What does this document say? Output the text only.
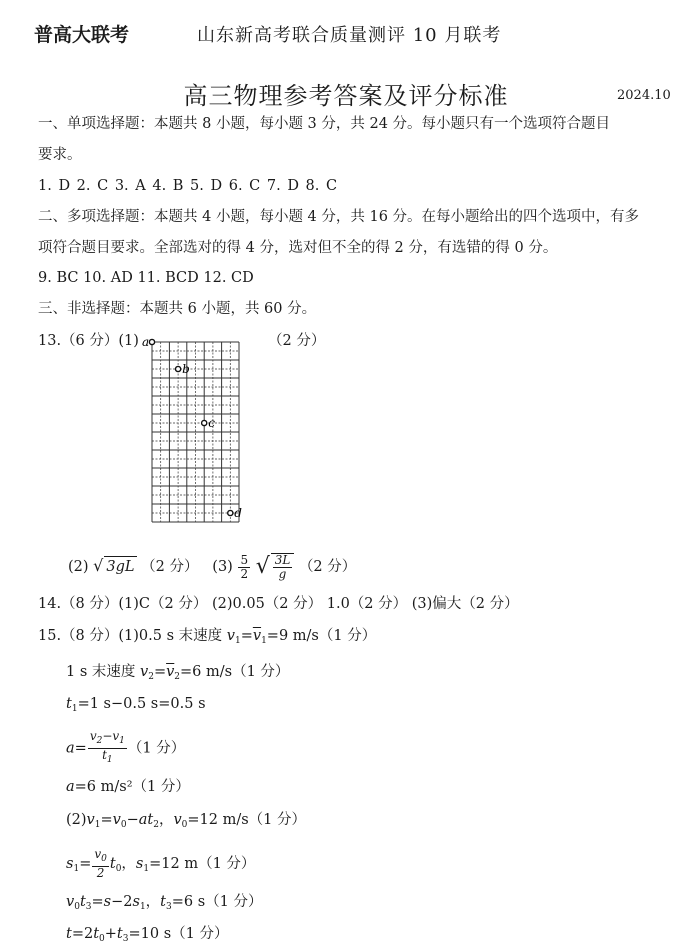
普高大联考	山东新高考联合质量测评 10 月联考
高三物理参考答案及评分标准	2024.10
一、单项选择题：本题共 8 小题，每小题 3 分，共 24 分。每小题只有一个选项符合题目
要求。
1. D 2. C 3. A 4. B 5. D 6. C 7. D 8. C
二、多项选择题：本题共 4 小题，每小题 4 分，共 16 分。在每小题给出的四个选项中，有多
项符合题目要求。全部选对的得 4 分，选对但不全的得 2 分，有选错的得 0 分。
9. BC 10. AD 11. BCD 12. CD
三、非选择题：本题共 6 小题，共 60 分。
13.（6 分）(1)	（2 分）
a
b
c
d
(2) √ 3gL （2 分） $(3) \frac{5}{2}$ √ $\frac{3L}{g} (2$ 分）
14.（8 分）(1)C（2 分） (2)0.05（2 分） 1.0（2 分） (3)偏大（2 分）
15.（8 分）(1)0.5 s 末速度 $v_1=\overline{v}_1=9$ m/s（1 分）
1 s 末速度 $v_2=\overline{v}_2=6$ m/s（1 分）
$t_1=1$ s−0.5 s=0.5 s
$a= \frac{v_2-v_1}{t_1} (1$ 分）
a=6 m/s²（1 分）
$(2)v_1=v_0-at_2$，$v_0=12$ m/s（1 分）
$s_1= \frac{v_0}{2} t_0$，$s_1=12$ m（1 分）
$v_0t_3=s-2s_1$，$t_3=6$ s（1 分）
$t=2t_0+t_3=10$ s（1 分）
